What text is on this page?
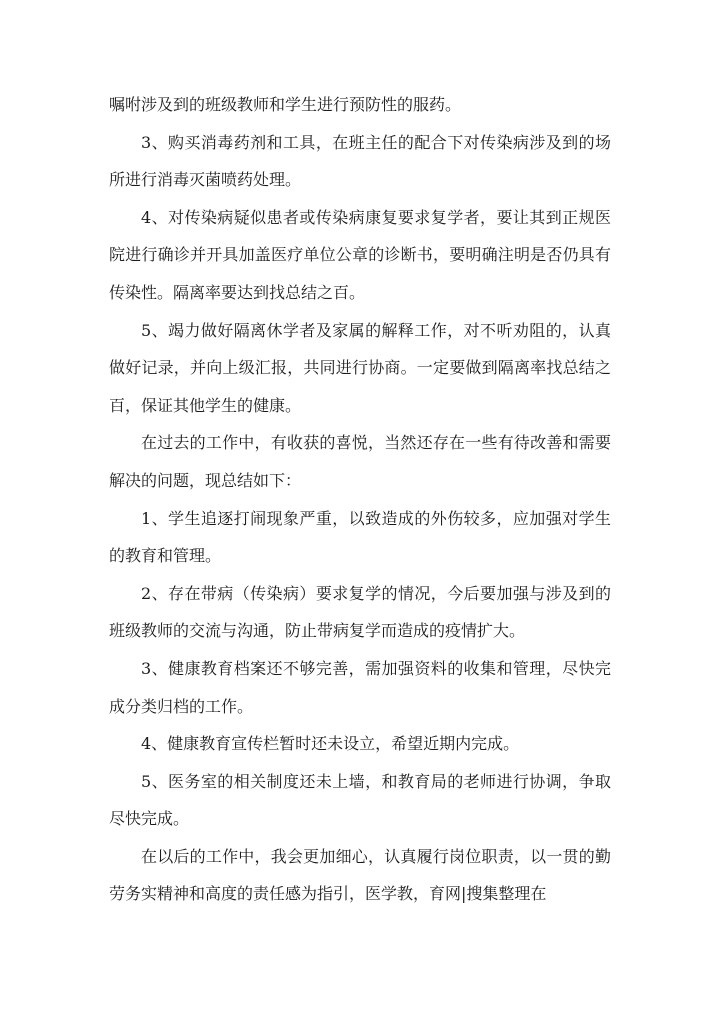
嘱咐涉及到的班级教师和学生进行预防性的服药。

3、购买消毒药剂和工具，在班主任的配合下对传染病涉及到的场所进行消毒灭菌喷药处理。

4、对传染病疑似患者或传染病康复要求复学者，要让其到正规医院进行确诊并开具加盖医疗单位公章的诊断书，要明确注明是否仍具有传染性。隔离率要达到找总结之百。

5、竭力做好隔离休学者及家属的解释工作，对不听劝阻的，认真做好记录，并向上级汇报，共同进行协商。一定要做到隔离率找总结之百，保证其他学生的健康。

在过去的工作中，有收获的喜悦，当然还存在一些有待改善和需要解决的问题，现总结如下：

1、学生追逐打闹现象严重，以致造成的外伤较多，应加强对学生的教育和管理。

2、存在带病（传染病）要求复学的情况，今后要加强与涉及到的班级教师的交流与沟通，防止带病复学而造成的疫情扩大。

3、健康教育档案还不够完善，需加强资料的收集和管理，尽快完成分类归档的工作。

4、健康教育宣传栏暂时还未设立，希望近期内完成。

5、医务室的相关制度还未上墙，和教育局的老师进行协调，争取尽快完成。

在以后的工作中，我会更加细心，认真履行岗位职责，以一贯的勤劳务实精神和高度的责任感为指引，医学教，育网|搜集整理在
